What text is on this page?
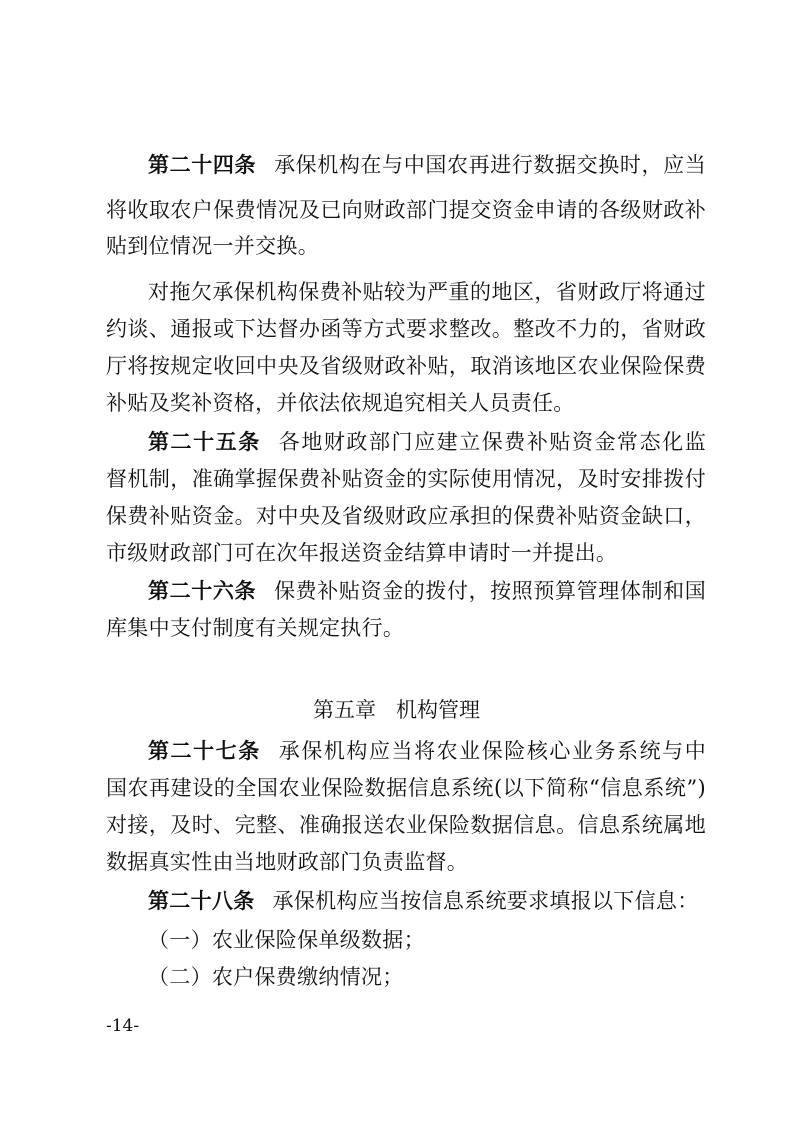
第二十四条 承保机构在与中国农再进行数据交换时，应当
将收取农户保费情况及已向财政部门提交资金申请的各级财政补
贴到位情况一并交换。
对拖欠承保机构保费补贴较为严重的地区，省财政厅将通过
约谈、通报或下达督办函等方式要求整改。整改不力的，省财政
厅将按规定收回中央及省级财政补贴，取消该地区农业保险保费
补贴及奖补资格，并依法依规追究相关人员责任。
第二十五条 各地财政部门应建立保费补贴资金常态化监
督机制，准确掌握保费补贴资金的实际使用情况，及时安排拨付
保费补贴资金。对中央及省级财政应承担的保费补贴资金缺口，
市级财政部门可在次年报送资金结算申请时一并提出。
第二十六条 保费补贴资金的拨付，按照预算管理体制和国
库集中支付制度有关规定执行。
第五章 机构管理
第二十七条 承保机构应当将农业保险核心业务系统与中
国农再建设的全国农业保险数据信息系统(以下简称“信息系统”)
对接，及时、完整、准确报送农业保险数据信息。信息系统属地
数据真实性由当地财政部门负责监督。
第二十八条 承保机构应当按信息系统要求填报以下信息：
（一）农业保险保单级数据；
（二）农户保费缴纳情况；
-14-
